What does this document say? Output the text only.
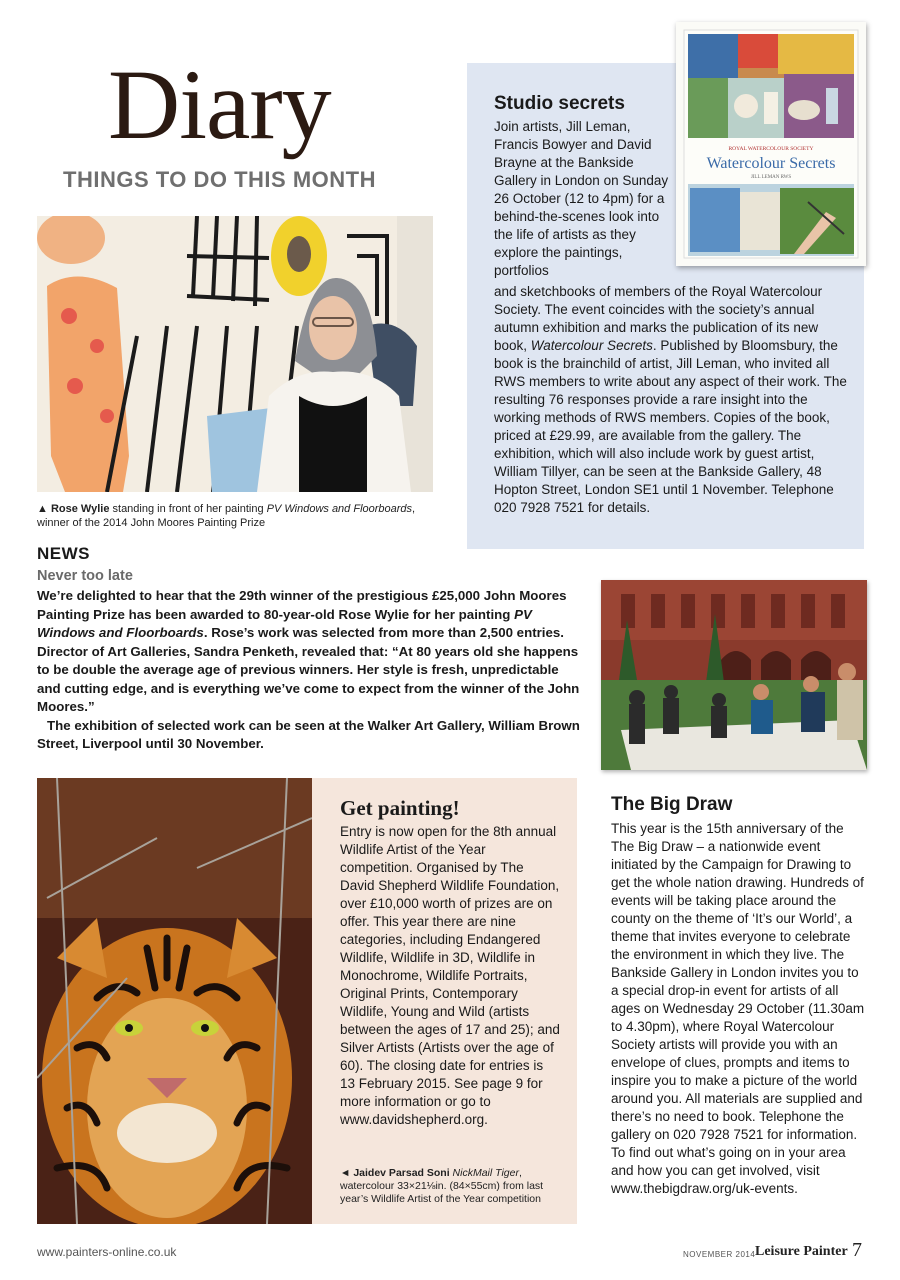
Diary
THINGS TO DO THIS MONTH
Studio secrets
Join artists, Jill Leman, Francis Bowyer and David Brayne at the Bankside Gallery in London on Sunday 26 October (12 to 4pm) for a behind-the-scenes look into the life of artists as they explore the paintings, portfolios
and sketchbooks of members of the Royal Watercolour Society. The event coincides with the society’s annual autumn exhibition and marks the publication of its new book, Watercolour Secrets. Published by Bloomsbury, the book is the brainchild of artist, Jill Leman, who invited all RWS members to write about any aspect of their work. The resulting 76 responses provide a rare insight into the working methods of RWS members. Copies of the book, priced at £29.99, are available from the gallery. The exhibition, which will also include work by guest artist, William Tillyer, can be seen at the Bankside Gallery, 48 Hopton Street, London SE1 until 1 November. Telephone 020 7928 7521 for details.
ROYAL WATERCOLOUR SOCIETY
Watercolour Secrets
JILL LEMAN RWS
▲ Rose Wylie standing in front of her painting PV Windows and Floorboards, winner of the 2014 John Moores Painting Prize
NEWS
Never too late
We’re delighted to hear that the 29th winner of the prestigious £25,000 John Moores Painting Prize has been awarded to 80-year-old Rose Wylie for her painting PV Windows and Floorboards. Rose’s work was selected from more than 2,500 entries. Director of Art Galleries, Sandra Penketh, revealed that: “At 80 years old she happens to be double the average age of previous winners. Her style is fresh, unpredictable and cutting edge, and is everything we’ve come to expect from the winner of the John Moores.”
The exhibition of selected work can be seen at the Walker Art Gallery, William Brown Street, Liverpool until 30 November.
Get painting!
Entry is now open for the 8th annual Wildlife Artist of the Year competition. Organised by The David Shepherd Wildlife Foundation, over £10,000 worth of prizes are on offer. This year there are nine categories, including Endangered Wildlife, Wildlife in 3D, Wildlife in Monochrome, Wildlife Portraits, Original Prints, Contemporary Wildlife, Young and Wild (artists between the ages of 17 and 25); and Silver Artists (Artists over the age of 60). The closing date for entries is 13 February 2015. See page 9 for more information or go to www.davidshepherd.org.
◄ Jaidev Parsad Soni NickMail Tiger, watercolour 33×21⅛in. (84×55cm) from last year’s Wildlife Artist of the Year competition
The Big Draw
This year is the 15th anniversary of the The Big Draw – a nationwide event initiated by the Campaign for Drawing to get the whole nation drawing. Hundreds of events will be taking place around the county on the theme of ‘It’s our World’, a theme that invites everyone to celebrate the environment in which they live. The Bankside Gallery in London invites you to a special drop-in event for artists of all ages on Wednesday 29 October (11.30am to 4.30pm), where Royal Watercolour Society artists will provide you with an envelope of clues, prompts and items to inspire you to make a picture of the world around you. All materials are supplied and there’s no need to book. Telephone the gallery on 020 7928 7521 for information. To find out what’s going on in your area and how you can get involved, visit www.thebigdraw.org/uk-events.
www.painters-online.co.uk	NOVEMBER 2014 Leisure Painter 7
